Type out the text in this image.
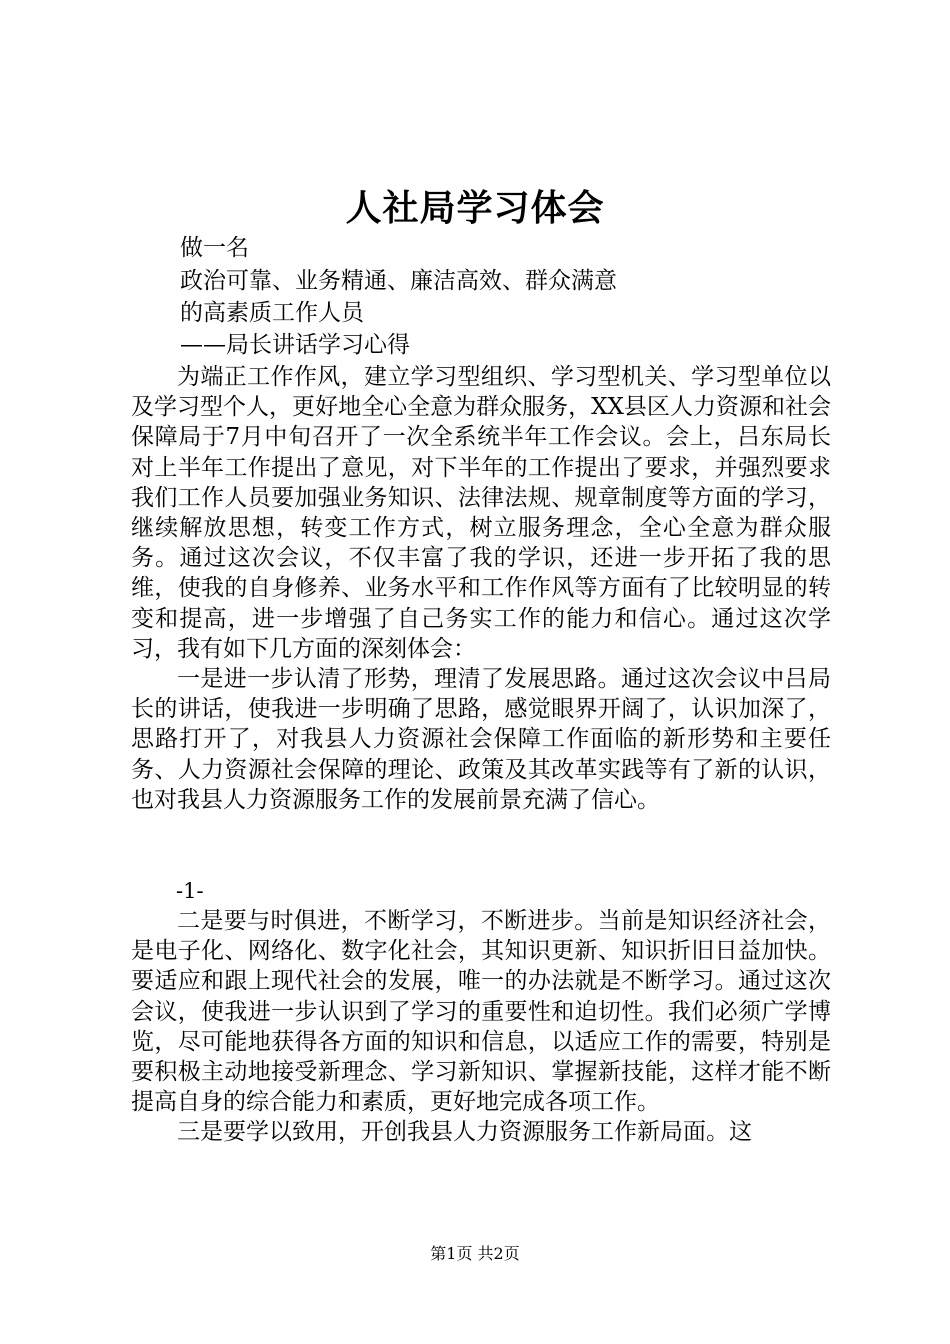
人社局学习体会
做一名
政治可靠、业务精通、廉洁高效、群众满意
的高素质工作人员
——局长讲话学习心得

为端正工作作风，建立学习型组织、学习型机关、学习型单位以及学习型个人，更好地全心全意为群众服务，XX县区人力资源和社会保障局于7月中旬召开了一次全系统半年工作会议。会上，吕东局长对上半年工作提出了意见，对下半年的工作提出了要求，并强烈要求我们工作人员要加强业务知识、法律法规、规章制度等方面的学习，继续解放思想，转变工作方式，树立服务理念，全心全意为群众服务。通过这次会议，不仅丰富了我的学识，还进一步开拓了我的思维，使我的自身修养、业务水平和工作作风等方面有了比较明显的转变和提高，进一步增强了自己务实工作的能力和信心。通过这次学习，我有如下几方面的深刻体会：

一是进一步认清了形势，理清了发展思路。通过这次会议中吕局长的讲话，使我进一步明确了思路，感觉眼界开阔了，认识加深了，思路打开了，对我县人力资源社会保障工作面临的新形势和主要任务、人力资源社会保障的理论、政策及其改革实践等有了新的认识，也对我县人力资源服务工作的发展前景充满了信心。

-1-

二是要与时俱进，不断学习，不断进步。当前是知识经济社会，是电子化、网络化、数字化社会，其知识更新、知识折旧日益加快。要适应和跟上现代社会的发展，唯一的办法就是不断学习。通过这次会议，使我进一步认识到了学习的重要性和迫切性。我们必须广学博览，尽可能地获得各方面的知识和信息，以适应工作的需要，特别是要积极主动地接受新理念、学习新知识、掌握新技能，这样才能不断提高自身的综合能力和素质，更好地完成各项工作。

三是要学以致用，开创我县人力资源服务工作新局面。这

第1页 共2页
